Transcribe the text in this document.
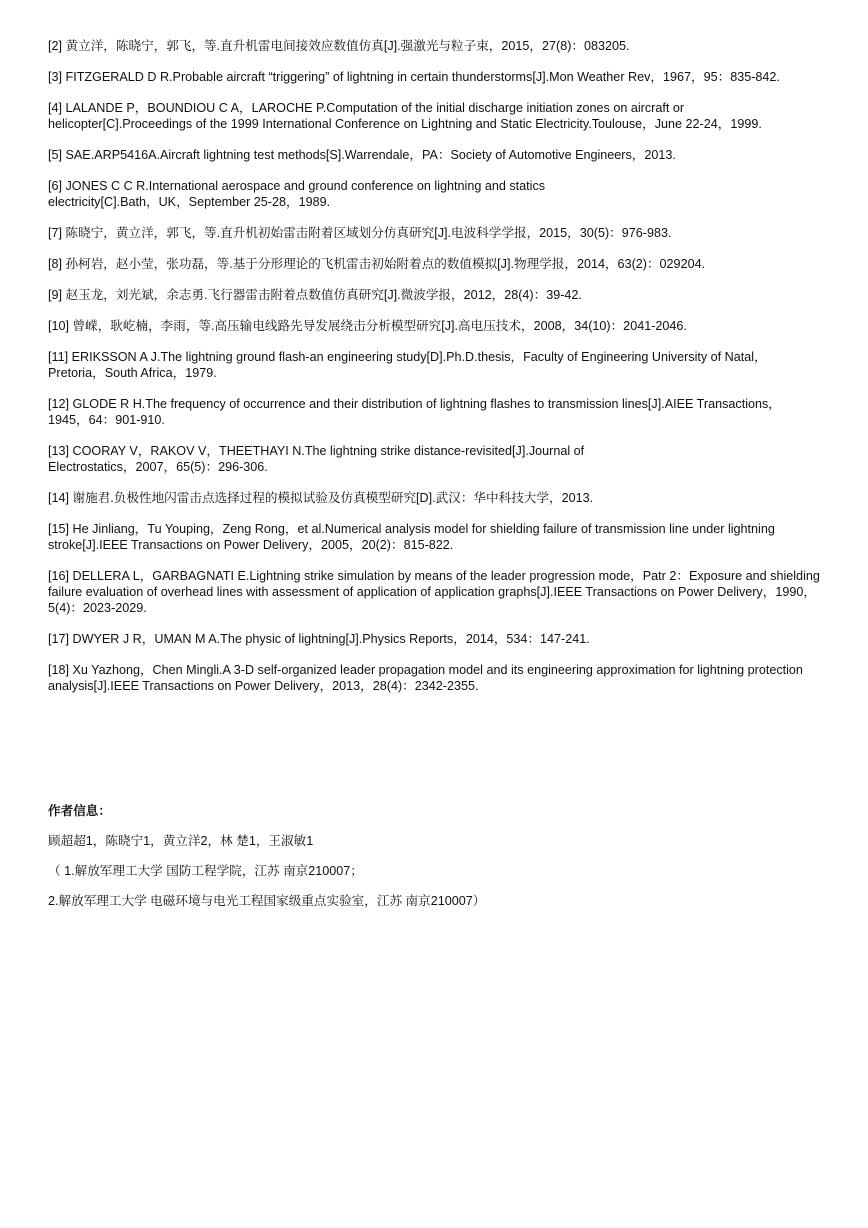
[2] 黄立洋，陈晓宁，郭飞，等.直升机雷电间接效应数值仿真[J].强激光与粒子束，2015，27(8)：083205.

[3] FITZGERALD D R.Probable aircraft “triggering” of lightning in certain thunderstorms[J].Mon Weather Rev，1967，95：835-842.

[4] LALANDE P，BOUNDIOU C A，LAROCHE P.Computation of the initial discharge initiation zones on aircraft or helicopter[C].Proceedings of the 1999 International Conference on Lightning and Static Electricity.Toulouse，June 22-24，1999.

[5] SAE.ARP5416A.Aircraft lightning test methods[S].Warrendale，PA：Society of Automotive Engineers，2013.

[6] JONES C C R.International aerospace and ground conference on lightning and statics
electricity[C].Bath，UK，September 25-28，1989.

[7] 陈晓宁，黄立洋，郭飞，等.直升机初始雷击附着区域划分仿真研究[J].电波科学学报，2015，30(5)：976-983.

[8] 孙柯岩，赵小莹，张功磊，等.基于分形理论的飞机雷击初始附着点的数值模拟[J].物理学报，2014，63(2)：029204.

[9] 赵玉龙，刘光斌，余志勇.飞行器雷击附着点数值仿真研究[J].微波学报，2012，28(4)：39-42.

[10] 曾嵘，耿屹楠，李雨，等.高压输电线路先导发展绕击分析模型研究[J].高电压技术，2008，34(10)：2041-2046.

[11] ERIKSSON A J.The lightning ground flash-an engineering study[D].Ph.D.thesis，Faculty of Engineering University of Natal，Pretoria，South Africa，1979.

[12] GLODE R H.The frequency of occurrence and their distribution of lightning flashes to transmission lines[J].AIEE Transactions，1945，64：901-910.

[13] COORAY V，RAKOV V，THEETHAYI N.The lightning strike distance-revisited[J].Journal of
Electrostatics，2007，65(5)：296-306.

[14] 谢施君.负极性地闪雷击点选择过程的模拟试验及仿真模型研究[D].武汉：华中科技大学，2013.

[15] He Jinliang，Tu Youping，Zeng Rong，et al.Numerical analysis model for shielding failure of transmission line under lightning stroke[J].IEEE Transactions on Power Delivery，2005，20(2)：815-822.

[16] DELLERA L，GARBAGNATI E.Lightning strike simulation by means of the leader progression mode，Patr 2：Exposure and shielding failure evaluation of overhead lines with assessment of application of application graphs[J].IEEE Transactions on Power Delivery，1990，5(4)：2023-2029.

[17] DWYER J R，UMAN M A.The physic of lightning[J].Physics Reports，2014，534：147-241.

[18] Xu Yazhong，Chen Mingli.A 3-D self-organized leader propagation model and its engineering approximation for lightning protection analysis[J].IEEE Transactions on Power Delivery，2013，28(4)：2342-2355.

作者信息：

顾超超1，陈晓宁1，黄立洋2，林 楚1，王淑敏1

（ 1.解放军理工大学 国防工程学院，江苏 南京210007；

2.解放军理工大学 电磁环境与电光工程国家级重点实验室，江苏 南京210007）
